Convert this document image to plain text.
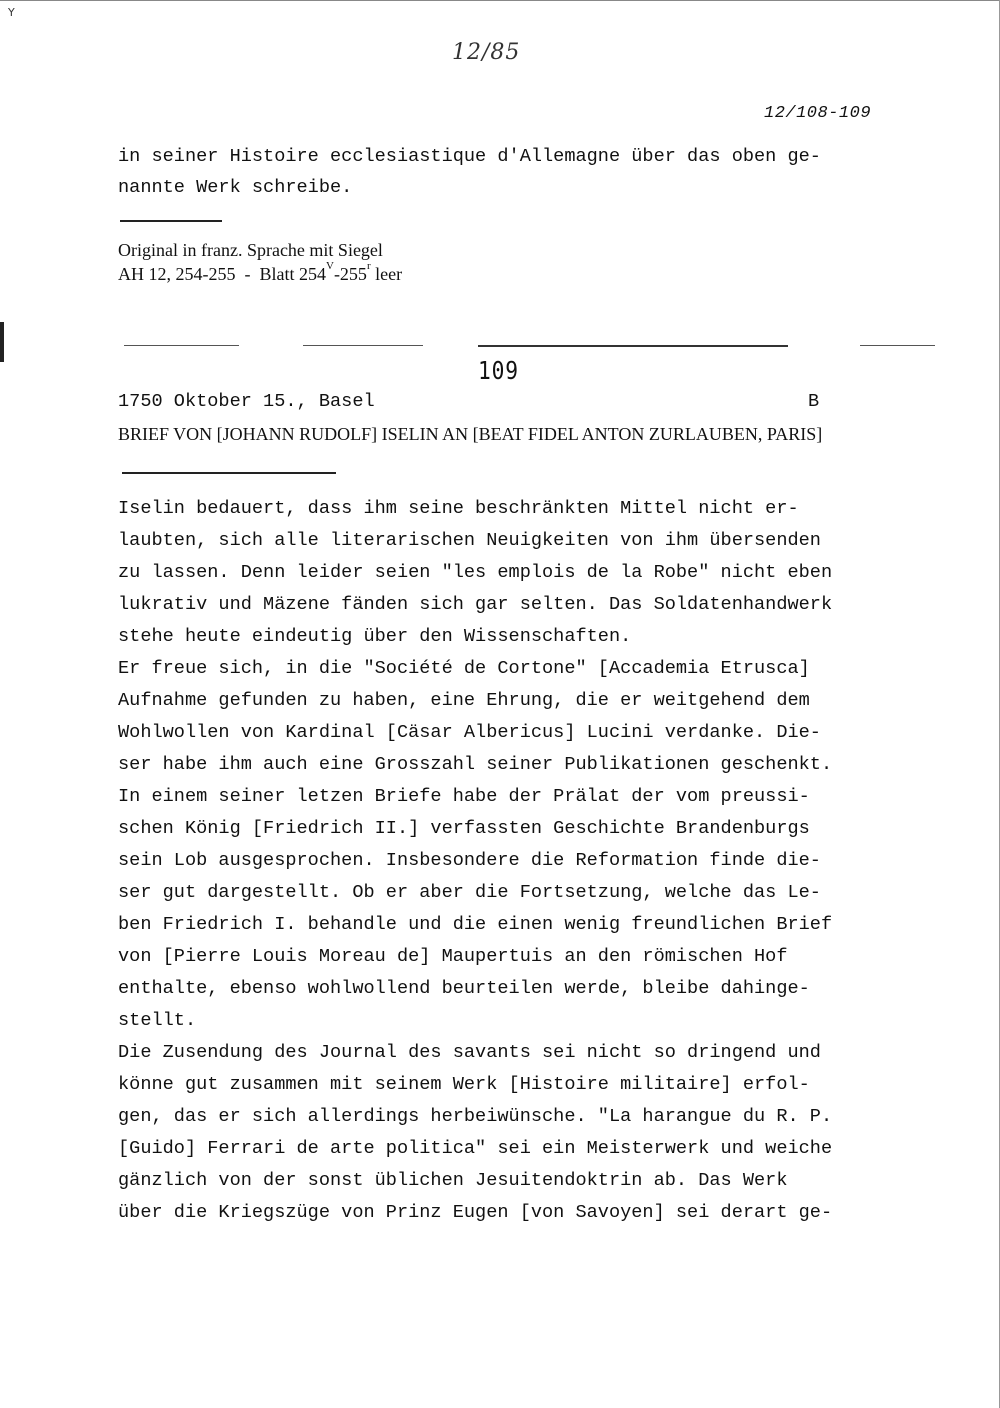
Y
12/85
12/108-109
in seiner Histoire ecclesiastique d'Allemagne über das oben ge-
nannte Werk schreibe.
Original in franz. Sprache mit Siegel
AH 12, 254-255  -  Blatt $254^V-255^r$ leer
109
1750 Oktober 15., Basel	B
BRIEF VON [JOHANN RUDOLF] ISELIN AN [BEAT FIDEL ANTON ZURLAUBEN, PARIS]
Iselin bedauert, dass ihm seine beschränkten Mittel nicht er-
laubten, sich alle literarischen Neuigkeiten von ihm übersenden
zu lassen. Denn leider seien "les emplois de la Robe" nicht eben
lukrativ und Mäzene fänden sich gar selten. Das Soldatenhandwerk
stehe heute eindeutig über den Wissenschaften.
Er freue sich, in die "Société de Cortone" [Accademia Etrusca]
Aufnahme gefunden zu haben, eine Ehrung, die er weitgehend dem
Wohlwollen von Kardinal [Cäsar Albericus] Lucini verdanke. Die-
ser habe ihm auch eine Grosszahl seiner Publikationen geschenkt.
In einem seiner letzen Briefe habe der Prälat der vom preussi-
schen König [Friedrich II.] verfassten Geschichte Brandenburgs
sein Lob ausgesprochen. Insbesondere die Reformation finde die-
ser gut dargestellt. Ob er aber die Fortsetzung, welche das Le-
ben Friedrich I. behandle und die einen wenig freundlichen Brief
von [Pierre Louis Moreau de] Maupertuis an den römischen Hof
enthalte, ebenso wohlwollend beurteilen werde, bleibe dahinge-
stellt.
Die Zusendung des Journal des savants sei nicht so dringend und
könne gut zusammen mit seinem Werk [Histoire militaire] erfol-
gen, das er sich allerdings herbeiwünsche. "La harangue du R. P.
[Guido] Ferrari de arte politica" sei ein Meisterwerk und weiche
gänzlich von der sonst üblichen Jesuitendoktrin ab. Das Werk
über die Kriegszüge von Prinz Eugen [von Savoyen] sei derart ge-
